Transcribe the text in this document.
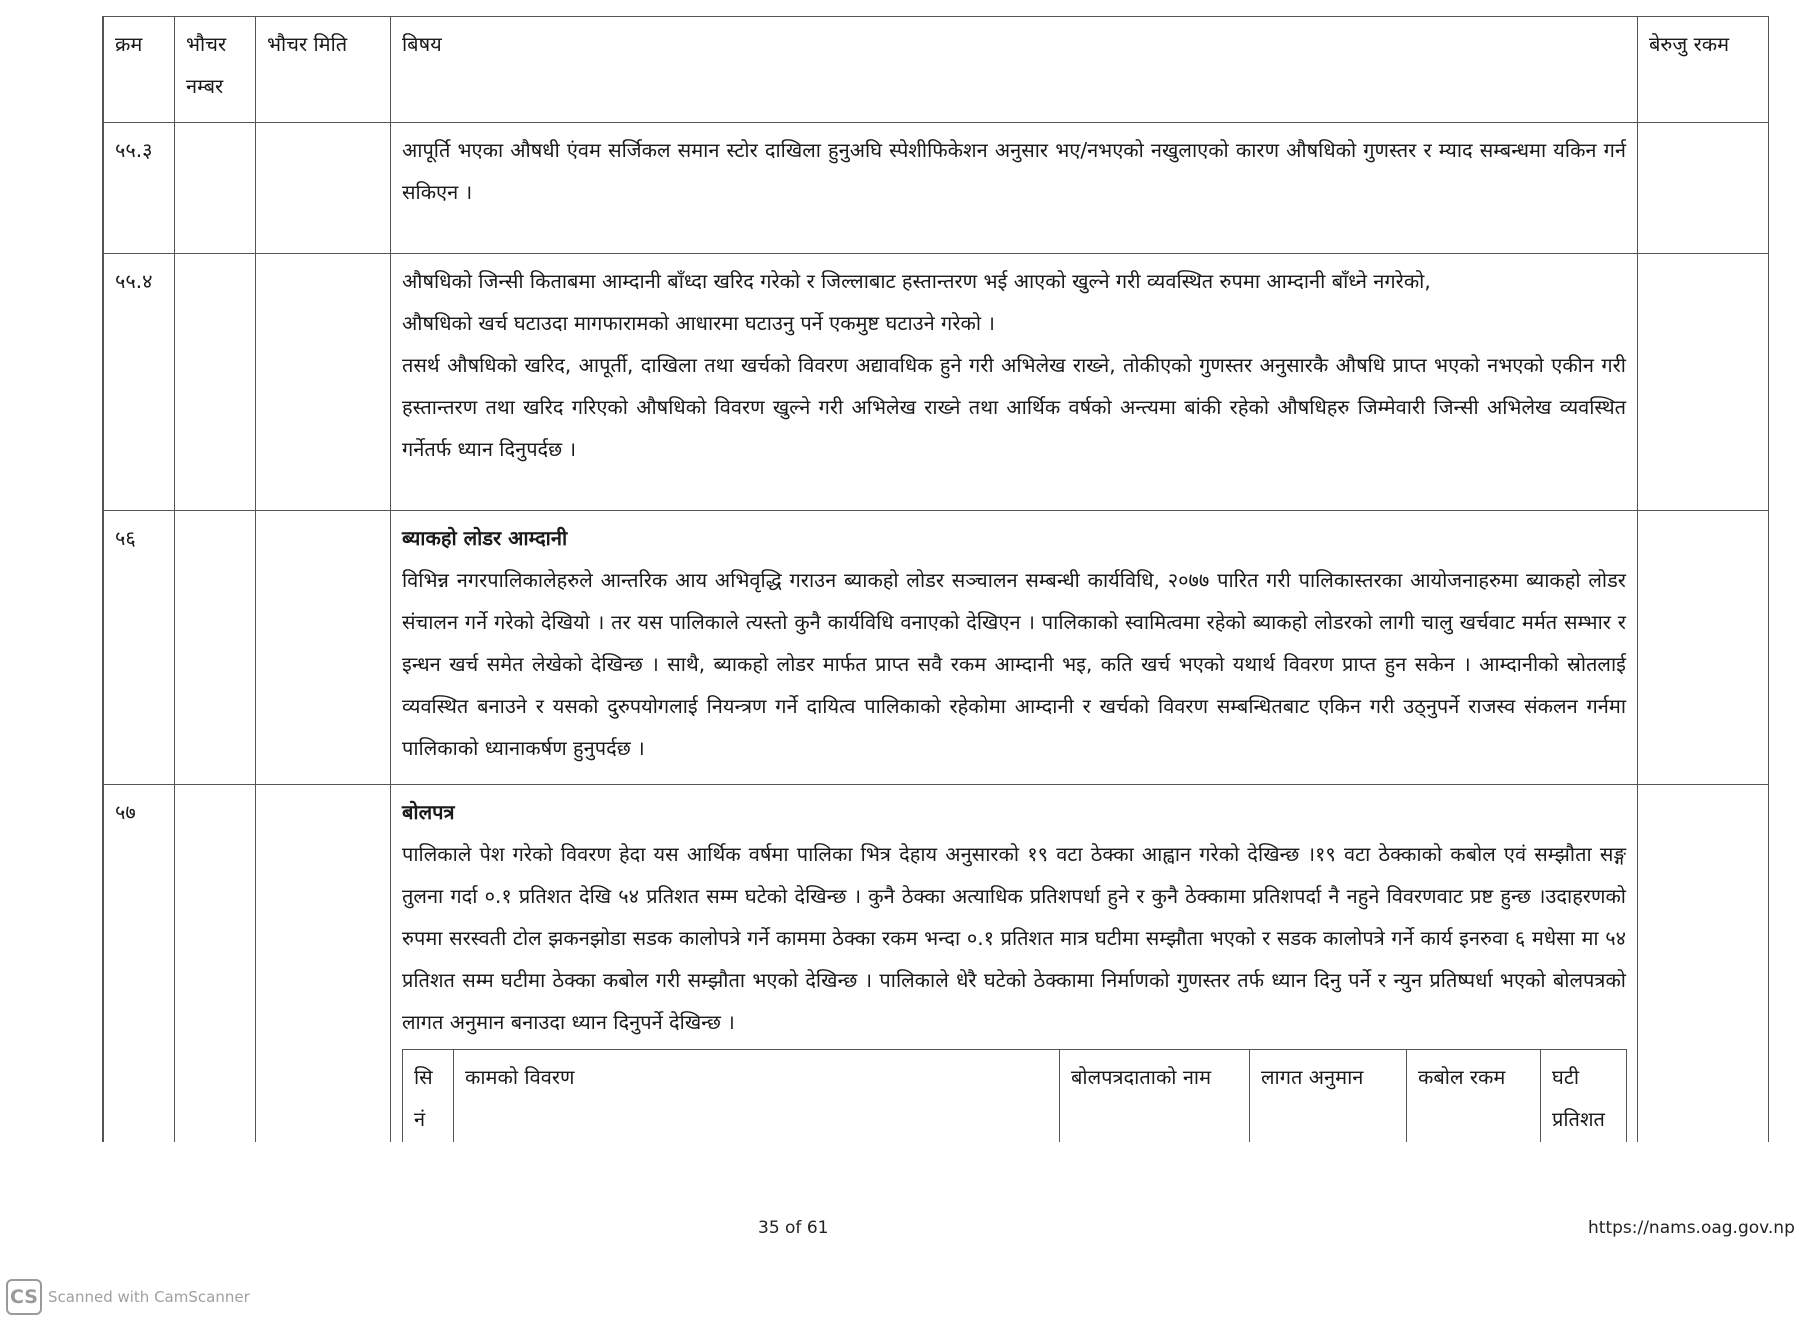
क्रम	भौचर नम्बर	भौचर मिति	बिषय	बेरुजु रकम
५५.३			आपूर्ति भएका औषधी एंवम सर्जिकल समान स्टोर दाखिला हुनुअघि स्पेशीफिकेशन अनुसार भए/नभएको नखुलाएको कारण औषधिको गुणस्तर र म्याद सम्बन्धमा यकिन गर्न सकिएन ।

५५.४			औषधिको जिन्सी किताबमा आम्दानी बाँध्दा खरिद गरेको र जिल्लाबाट हस्तान्तरण भई आएको खुल्ने गरी व्यवस्थित रुपमा आम्दानी बाँध्ने नगरेको,
औषधिको खर्च घटाउदा मागफारामको आधारमा घटाउनु पर्ने एकमुष्ट घटाउने गरेको ।
तसर्थ औषधिको खरिद, आपूर्ती, दाखिला तथा खर्चको विवरण अद्यावधिक हुने गरी अभिलेख राख्ने, तोकीएको गुणस्तर अनुसारकै औषधि प्राप्त भएको नभएको एकीन गरी हस्तान्तरण तथा खरिद गरिएको औषधिको विवरण खुल्ने गरी अभिलेख राख्ने तथा आर्थिक वर्षको अन्त्यमा बांकी रहेको औषधिहरु जिम्मेवारी जिन्सी अभिलेख व्यवस्थित गर्नेतर्फ ध्यान दिनुपर्दछ ।

५६			ब्याकहो लोडर आम्दानी
विभिन्न नगरपालिकालेहरुले आन्तरिक आय अभिवृद्धि गराउन ब्याकहो लोडर सञ्चालन सम्बन्धी कार्यविधि, २०७७ पारित गरी पालिकास्तरका आयोजनाहरुमा ब्याकहो लोडर संचालन गर्ने गरेको देखियो । तर यस पालिकाले त्यस्तो कुनै कार्यविधि वनाएको देखिएन । पालिकाको स्वामित्वमा रहेको ब्याकहो लोडरको लागी चालु खर्चवाट मर्मत सम्भार र इन्धन खर्च समेत लेखेको देखिन्छ । साथै, ब्याकहो लोडर मार्फत प्राप्त सवै रकम आम्दानी भइ, कति खर्च भएको यथार्थ विवरण प्राप्त हुन सकेन । आम्दानीको स्रोतलाई व्यवस्थित बनाउने र यसको दुरुपयोगलाई नियन्त्रण गर्ने दायित्व पालिकाको रहेकोमा आम्दानी र खर्चको विवरण सम्बन्धितबाट एकिन गरी उठ्नुपर्ने राजस्व संकलन गर्नमा पालिकाको ध्यानाकर्षण हुनुपर्दछ ।

५७			बोलपत्र
पालिकाले पेश गरेको विवरण हेदा यस आर्थिक वर्षमा पालिका भित्र देहाय अनुसारको १९ वटा ठेक्का आह्वान गरेको देखिन्छ ।१९ वटा ठेक्काको कबोल एवं सम्झौता सङ्ग तुलना गर्दा ०.१ प्रतिशत देखि ५४ प्रतिशत सम्म घटेको देखिन्छ । कुनै ठेक्का अत्याधिक प्रतिशपर्धा हुने र कुनै ठेक्कामा प्रतिशपर्दा नै नहुने विवरणवाट प्रष्ट हुन्छ ।उदाहरणको रुपमा सरस्वती टोल झकनझोडा सडक कालोपत्रे गर्ने काममा ठेक्का रकम भन्दा ०.१ प्रतिशत मात्र घटीमा सम्झौता भएको र सडक कालोपत्रे गर्ने कार्य इनरुवा ६ मधेसा मा ५४ प्रतिशत सम्म घटीमा ठेक्का कबोल गरी सम्झौता भएको देखिन्छ । पालिकाले धेरै घटेको ठेक्कामा निर्माणको गुणस्तर तर्फ ध्यान दिनु पर्ने र न्युन प्रतिष्पर्धा भएको बोलपत्रको लागत अनुमान बनाउदा ध्यान दिनुपर्ने देखिन्छ ।
सि नं	कामको विवरण	बोलपत्रदाताको नाम	लागत अनुमान	कबोल रकम	घटी प्रतिशत

35 of 61	https://nams.oag.gov.np
CS Scanned with CamScanner
